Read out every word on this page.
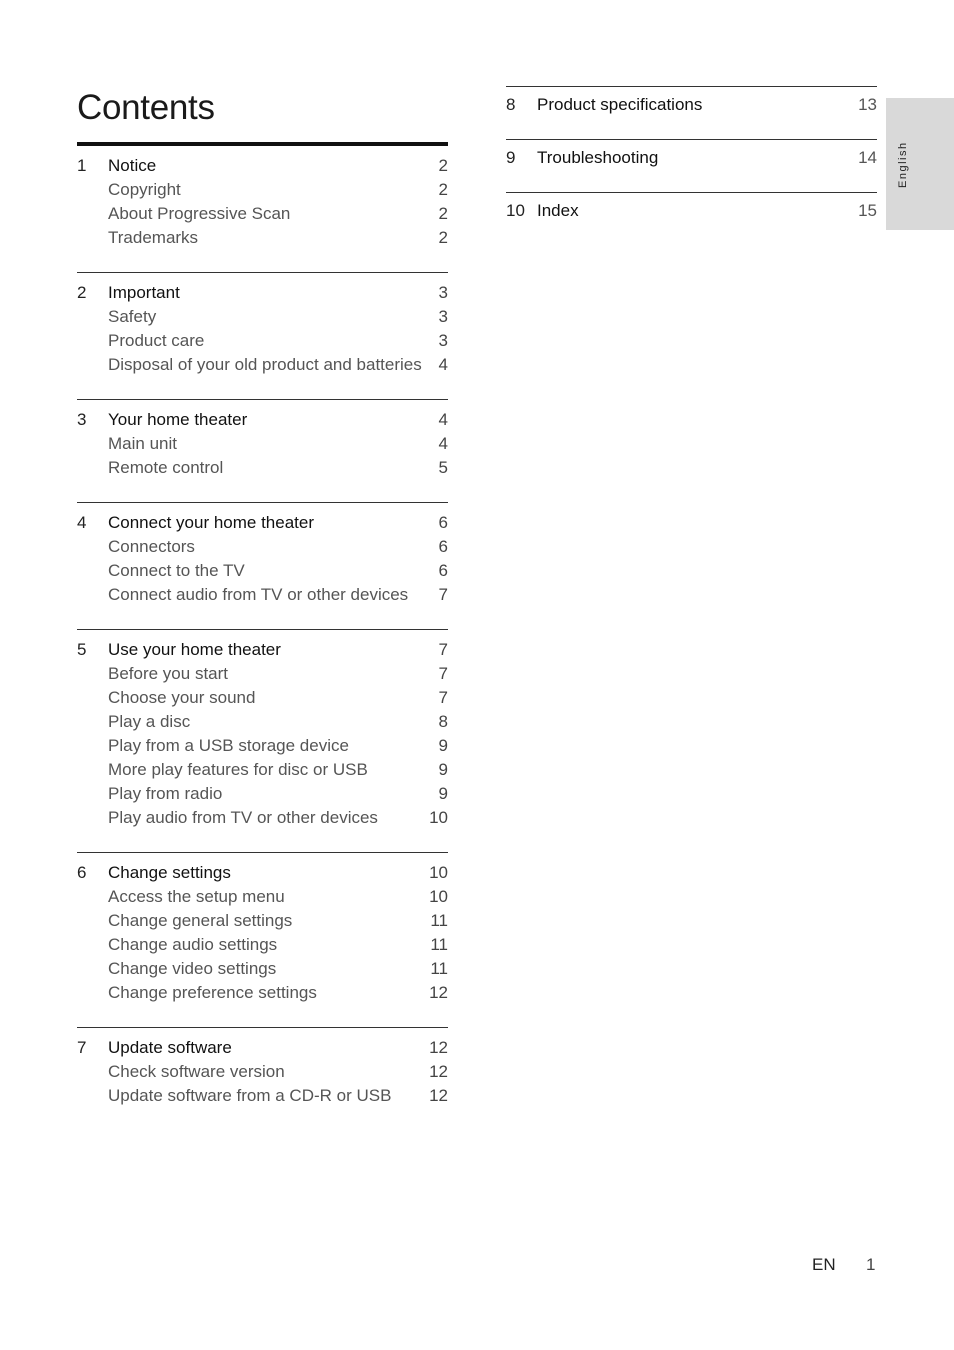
Contents
1 Notice	2
Copyright	2
About Progressive Scan	2
Trademarks	2
2 Important	3
Safety	3
Product care	3
Disposal of your old product and batteries 4
3 Your home theater	4
Main unit	4
Remote control	5
4 Connect your home theater	6
Connectors	6
Connect to the TV	6
Connect audio from TV or other devices 7
5 Use your home theater	7
Before you start	7
Choose your sound	7
Play a disc	8
Play from a USB storage device	9
More play features for disc or USB	9
Play from radio	9
Play audio from TV or other devices	10
6 Change settings	10
Access the setup menu	10
Change general settings	11
Change audio settings	11
Change video settings	11
Change preference settings	12
7 Update software	12
Check software version	12
Update software from a CD-R or USB 12
8 Product specifications	13
9 Troubleshooting	14
10 Index	15
English
EN 1
